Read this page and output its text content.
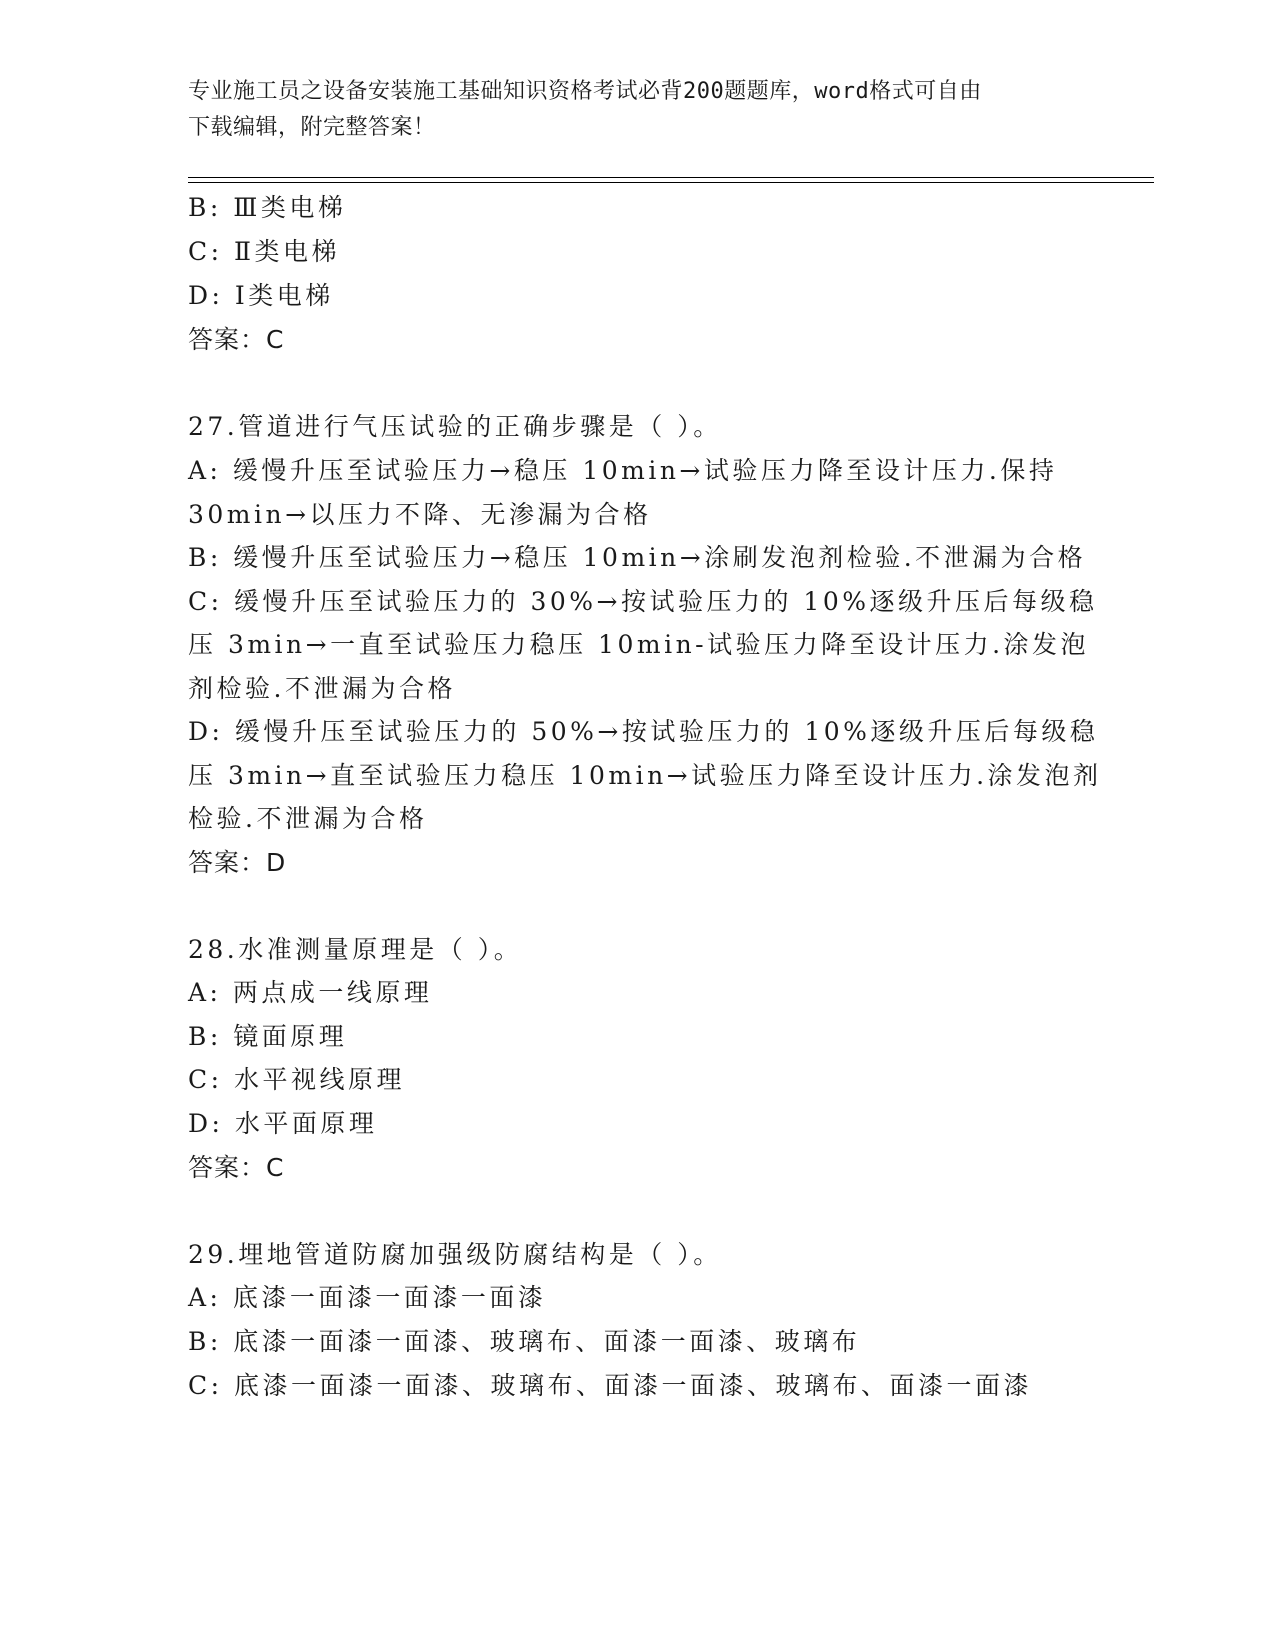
专业施工员之设备安装施工基础知识资格考试必背200题题库，word格式可自由
下载编辑，附完整答案！
B: Ⅲ类电梯
C: Ⅱ类电梯
D: Ⅰ类电梯
答案：C
27.管道进行气压试验的正确步骤是（ ）。
A: 缓慢升压至试验压力→稳压 10min→试验压力降至设计压力.保持
30min→以压力不降、无渗漏为合格
B: 缓慢升压至试验压力→稳压 10min→涂刷发泡剂检验.不泄漏为合格
C: 缓慢升压至试验压力的 30%→按试验压力的 10%逐级升压后每级稳
压 3min→一直至试验压力稳压 10min-试验压力降至设计压力.涂发泡
剂检验.不泄漏为合格
D: 缓慢升压至试验压力的 50%→按试验压力的 10%逐级升压后每级稳
压 3min→直至试验压力稳压 10min→试验压力降至设计压力.涂发泡剂
检验.不泄漏为合格
答案：D
28.水准测量原理是（ ）。
A: 两点成一线原理
B: 镜面原理
C: 水平视线原理
D: 水平面原理
答案：C
29.埋地管道防腐加强级防腐结构是（ ）。
A: 底漆一面漆一面漆一面漆
B: 底漆一面漆一面漆、玻璃布、面漆一面漆、玻璃布
C: 底漆一面漆一面漆、玻璃布、面漆一面漆、玻璃布、面漆一面漆
